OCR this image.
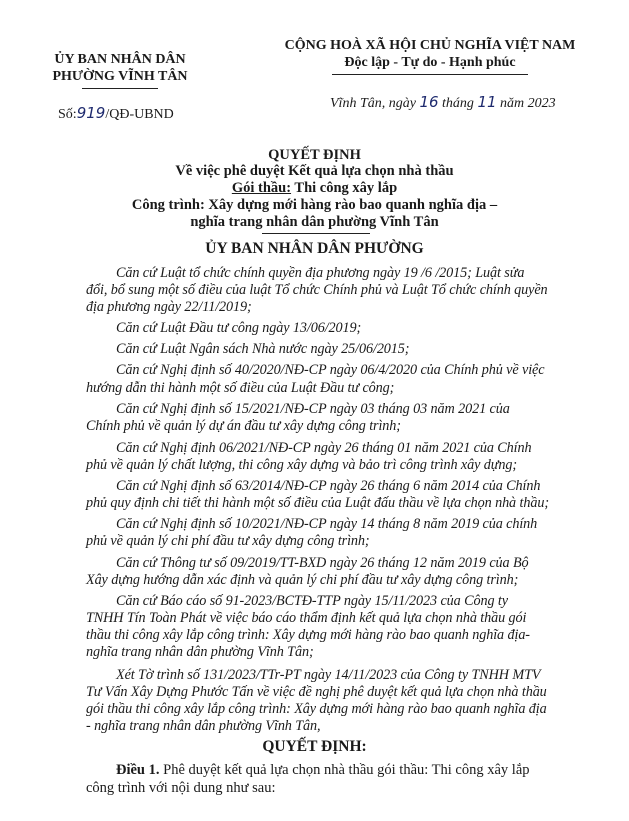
ỦY BAN NHÂN DÂN
PHƯỜNG VĨNH TÂN
CỘNG HOÀ XÃ HỘI CHỦ NGHĨA VIỆT NAM
Độc lập - Tự do - Hạnh phúc
Số:919/QĐ-UBND
Vĩnh Tân, ngày 16 tháng 11 năm 2023
QUYẾT ĐỊNH
Về việc phê duyệt Kết quả lựa chọn nhà thầu
Gói thầu: Thi công xây lắp
Công trình: Xây dựng mới hàng rào bao quanh nghĩa địa –
nghĩa trang nhân dân phường Vĩnh Tân
ỦY BAN NHÂN DÂN PHƯỜNG
Căn cứ Luật tổ chức chính quyền địa phương ngày 19 /6 /2015; Luật sửa
đổi, bổ sung một số điều của luật Tổ chức Chính phủ và Luật Tổ chức chính quyền
địa phương ngày 22/11/2019;
Căn cứ Luật Đầu tư công ngày 13/06/2019;
Căn cứ Luật Ngân sách Nhà nước ngày 25/06/2015;
Căn cứ Nghị định số 40/2020/NĐ-CP ngày 06/4/2020 của Chính phủ về việc
hướng dẫn thi hành một số điều của Luật Đầu tư công;
Căn cứ Nghị định số 15/2021/NĐ-CP ngày 03 tháng 03 năm 2021 của
Chính phủ về quản lý dự án đầu tư xây dựng công trình;
Căn cứ Nghị định 06/2021/NĐ-CP ngày 26 tháng 01 năm 2021 của Chính
phủ về quản lý chất lượng, thi công xây dựng và bảo trì công trình xây dựng;
Căn cứ Nghị định số 63/2014/NĐ-CP ngày 26 tháng 6 năm 2014 của Chính
phủ quy định chi tiết thi hành một số điều của Luật đấu thầu về lựa chọn nhà thầu;
Căn cứ Nghị định số 10/2021/NĐ-CP ngày 14 tháng 8 năm 2019 của chính
phủ về quản lý chi phí đầu tư xây dựng công trình;
Căn cứ Thông tư số 09/2019/TT-BXD ngày 26 tháng 12 năm 2019 của Bộ
Xây dựng hướng dẫn xác định và quản lý chi phí đầu tư xây dựng công trình;
Căn cứ Báo cáo số 91-2023/BCTĐ-TTP ngày 15/11/2023 của Công ty
TNHH Tín Toàn Phát về việc báo cáo thẩm định kết quả lựa chọn nhà thầu gói
thầu thi công xây lắp công trình: Xây dựng mới hàng rào bao quanh nghĩa địa-
nghĩa trang nhân dân phường Vĩnh Tân;
Xét Tờ trình số 131/2023/TTr-PT ngày 14/11/2023 của Công ty TNHH MTV
Tư Vấn Xây Dựng Phước Tấn về việc đề nghị phê duyệt kết quả lựa chọn nhà thầu
gói thầu thi công xây lắp công trình: Xây dựng mới hàng rào bao quanh nghĩa địa
- nghĩa trang nhân dân phường Vĩnh Tân,
QUYẾT ĐỊNH:
Điều 1. Phê duyệt kết quả lựa chọn nhà thầu gói thầu: Thi công xây lắp
công trình với nội dung như sau:
